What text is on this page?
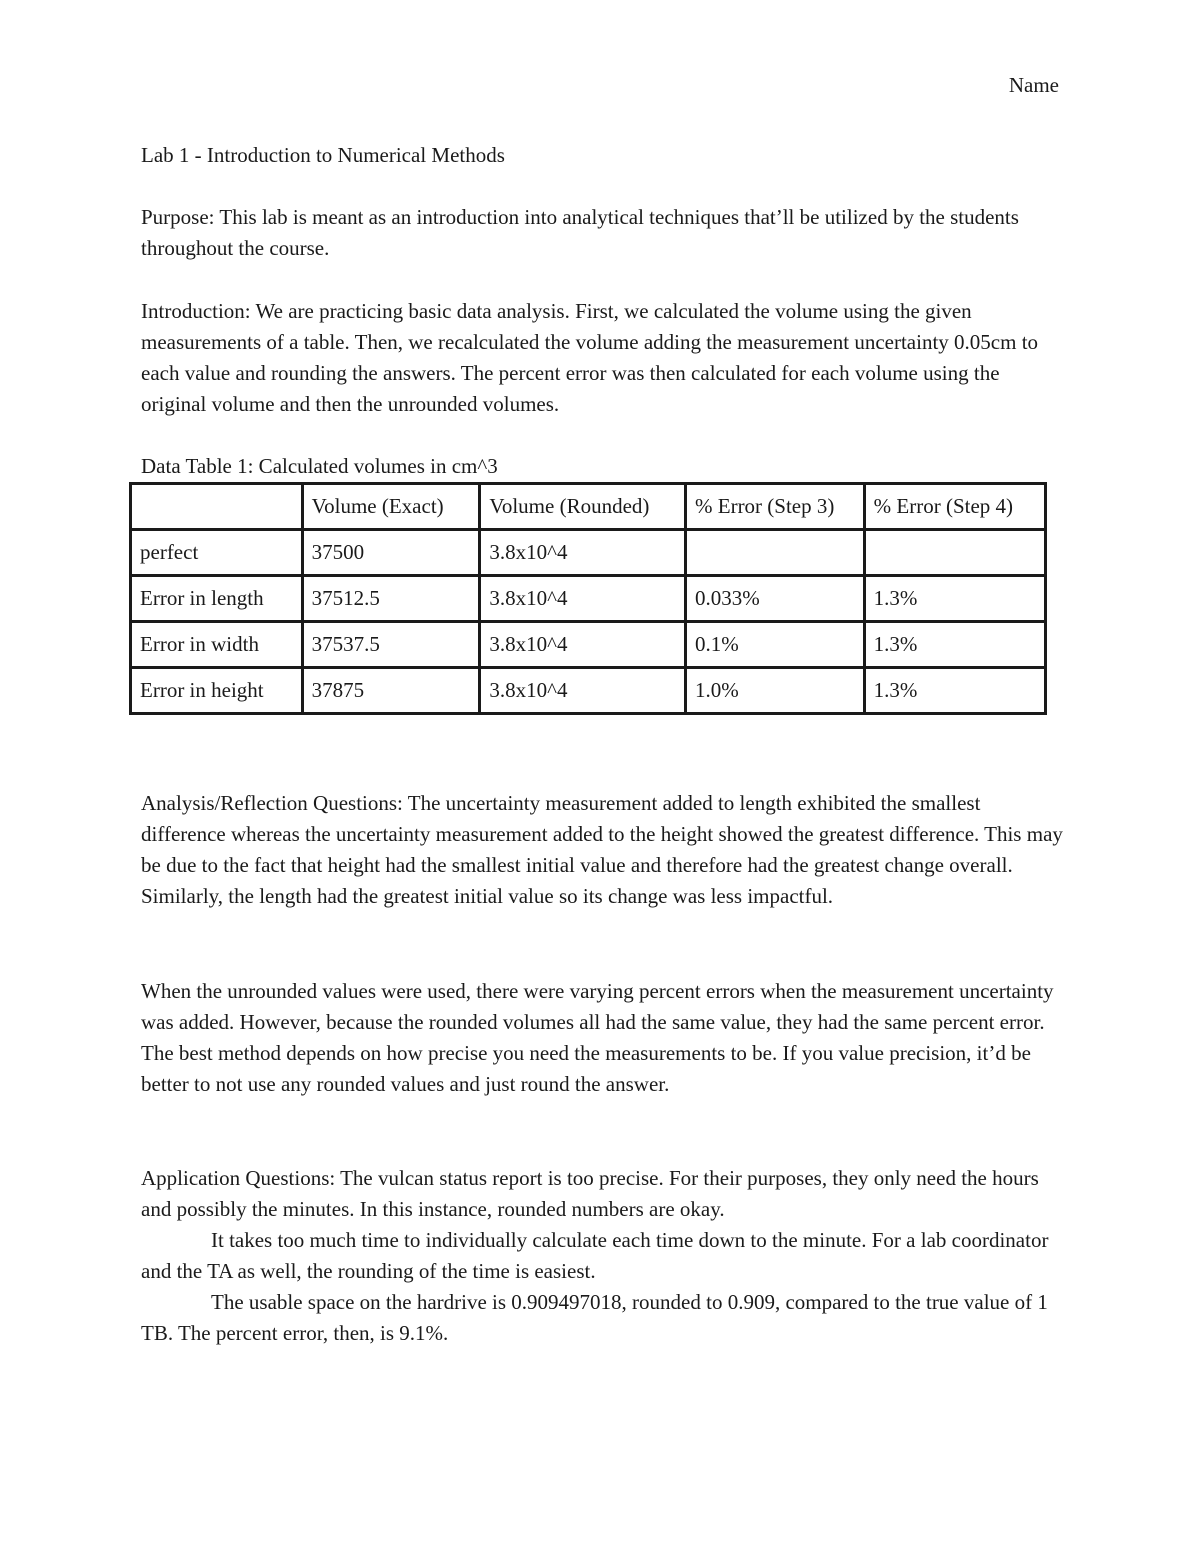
Name

Lab 1 - Introduction to Numerical Methods

Purpose: This lab is meant as an introduction into analytical techniques that’ll be utilized by the students throughout the course.

Introduction: We are practicing basic data analysis. First, we calculated the volume using the given measurements of a table. Then, we recalculated the volume adding the measurement uncertainty 0.05cm to each value and rounding the answers. The percent error was then calculated for each volume using the original volume and then the unrounded volumes.

Data Table 1: Calculated volumes in cm^3

	Volume (Exact)	Volume (Rounded)	% Error (Step 3)	% Error (Step 4)
perfect	37500	3.8x10^4		
Error in length	37512.5	3.8x10^4	0.033%	1.3%
Error in width	37537.5	3.8x10^4	0.1%	1.3%
Error in height	37875	3.8x10^4	1.0%	1.3%

Analysis/Reflection Questions: The uncertainty measurement added to length exhibited the smallest difference whereas the uncertainty measurement added to the height showed the greatest difference. This may be due to the fact that height had the smallest initial value and therefore had the greatest change overall. Similarly, the length had the greatest initial value so its change was less impactful.

When the unrounded values were used, there were varying percent errors when the measurement uncertainty was added. However, because the rounded volumes all had the same value, they had the same percent error. The best method depends on how precise you need the measurements to be. If you value precision, it’d be better to not use any rounded values and just round the answer.

Application Questions: The vulcan status report is too precise. For their purposes, they only need the hours and possibly the minutes. In this instance, rounded numbers are okay.

It takes too much time to individually calculate each time down to the minute. For a lab coordinator and the TA as well, the rounding of the time is easiest.

The usable space on the hardrive is 0.909497018, rounded to 0.909, compared to the true value of 1 TB. The percent error, then, is 9.1%.
